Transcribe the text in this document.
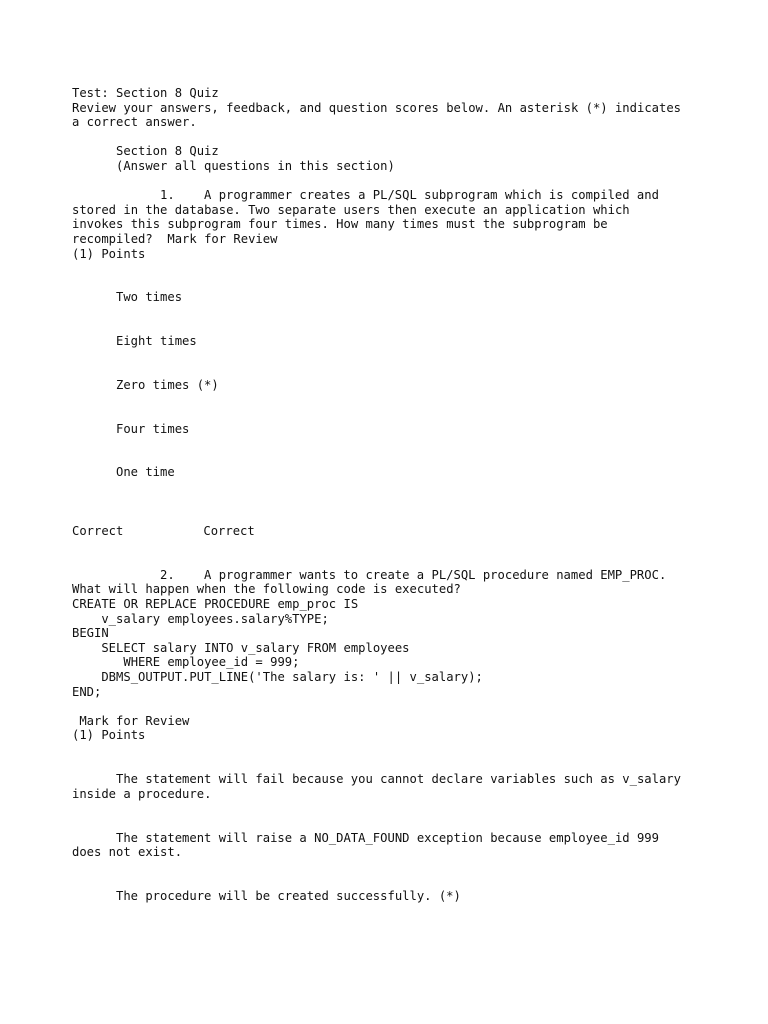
Test: Section 8 Quiz
Review your answers, feedback, and question scores below. An asterisk (*) indicates
a correct answer.
Section 8 Quiz
(Answer all questions in this section)
1.    A programmer creates a PL/SQL subprogram which is compiled and
stored in the database. Two separate users then execute an application which
invokes this subprogram four times. How many times must the subprogram be
recompiled?  Mark for Review
(1) Points
Two times
Eight times
Zero times (*)
Four times
One time
Correct	Correct
2.    A programmer wants to create a PL/SQL procedure named EMP_PROC.
What will happen when the following code is executed?
CREATE OR REPLACE PROCEDURE emp_proc IS
v_salary employees.salary%TYPE;
BEGIN
SELECT salary INTO v_salary FROM employees
WHERE employee_id = 999;
DBMS_OUTPUT.PUT_LINE('The salary is: ' || v_salary);
END;
Mark for Review
(1) Points
The statement will fail because you cannot declare variables such as v_salary
inside a procedure.
The statement will raise a NO_DATA_FOUND exception because employee_id 999
does not exist.
The procedure will be created successfully. (*)
